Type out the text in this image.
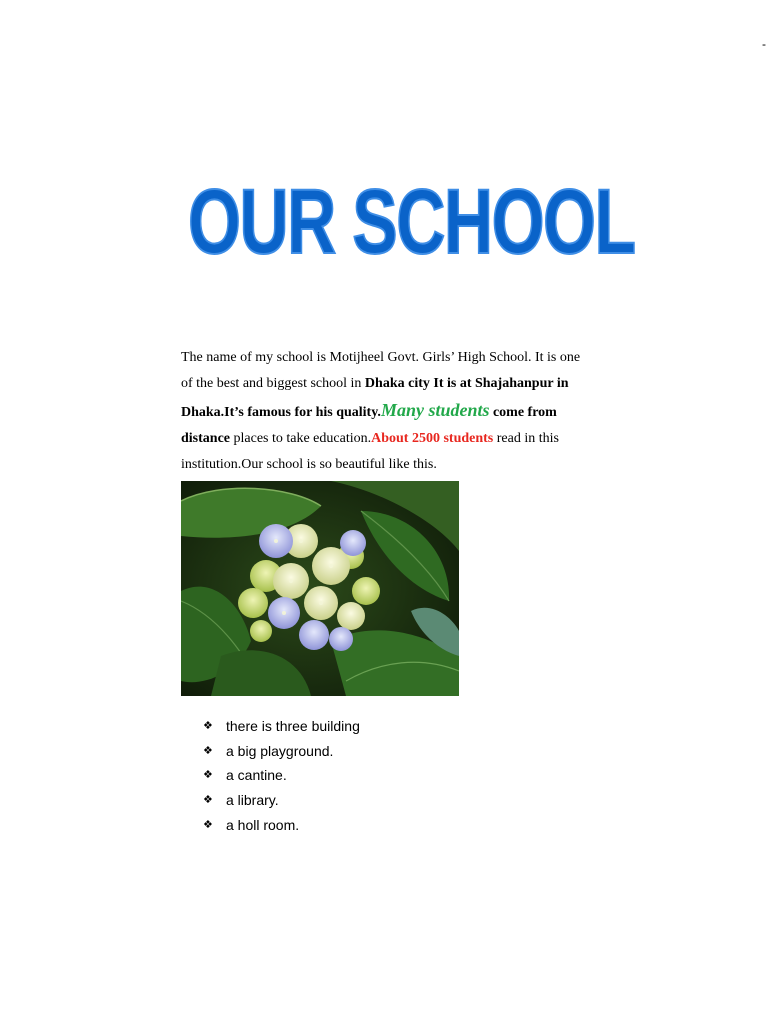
-
OUR SCHOOL

The name of my school is Motijheel Govt. Girls’ High School. It is one of the best and biggest school in Dhaka city It is at Shajahanpur in Dhaka.It’s famous for his quality.Many students come from distance places to take education.About 2500 students read in this institution.Our school is so beautiful like this.

❖ there is three building
❖ a big playground.
❖ a cantine.
❖ a library.
❖ a holl room.
